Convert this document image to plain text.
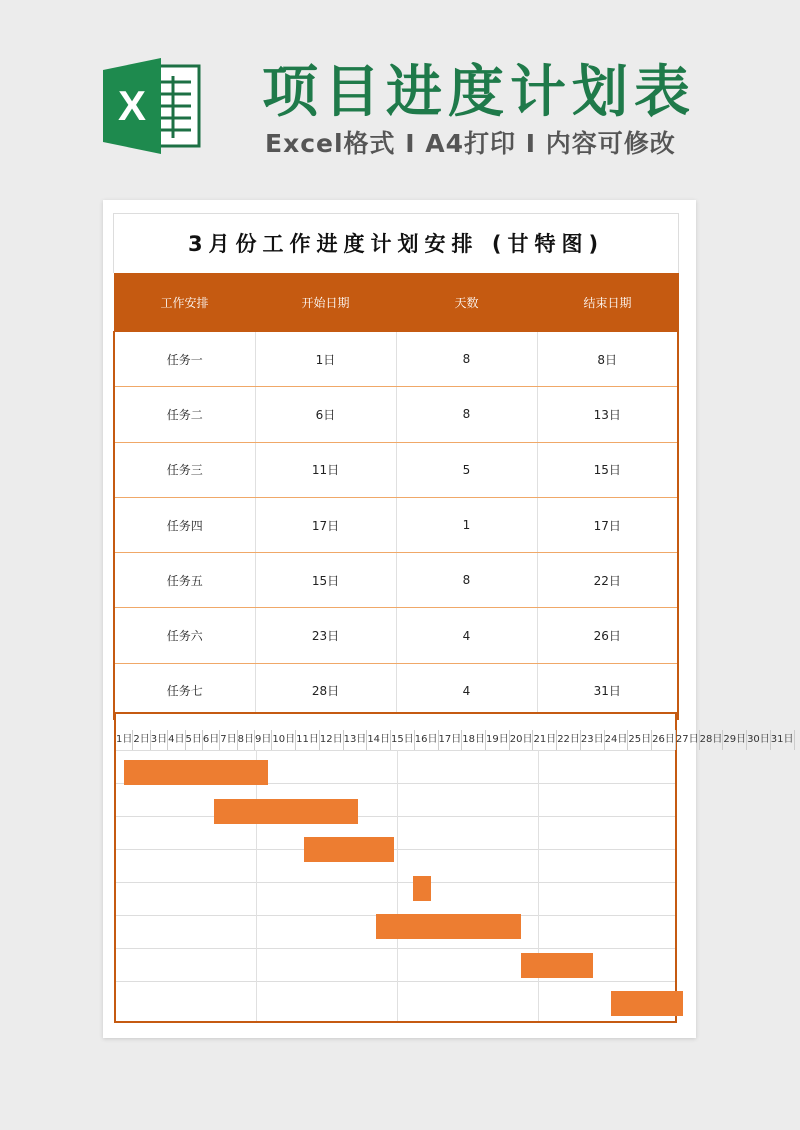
X 项目进度计划表
Excel格式 I A4打印 I 内容可修改
3月份工作进度计划安排 (甘特图)
工作安排	开始日期	天数	结束日期
任务一	1日	8	8日
任务二	6日	8	13日
任务三	11日	5	15日
任务四	17日	1	17日
任务五	15日	8	22日
任务六	23日	4	26日
任务七	28日	4	31日
1日 2日 3日 4日 5日 6日 7日 8日 9日 10日 11日 12日 13日 14日 15日 16日 17日 18日 19日 20日 21日 22日 23日 24日 25日 26日 27日 28日 29日 30日 31日
